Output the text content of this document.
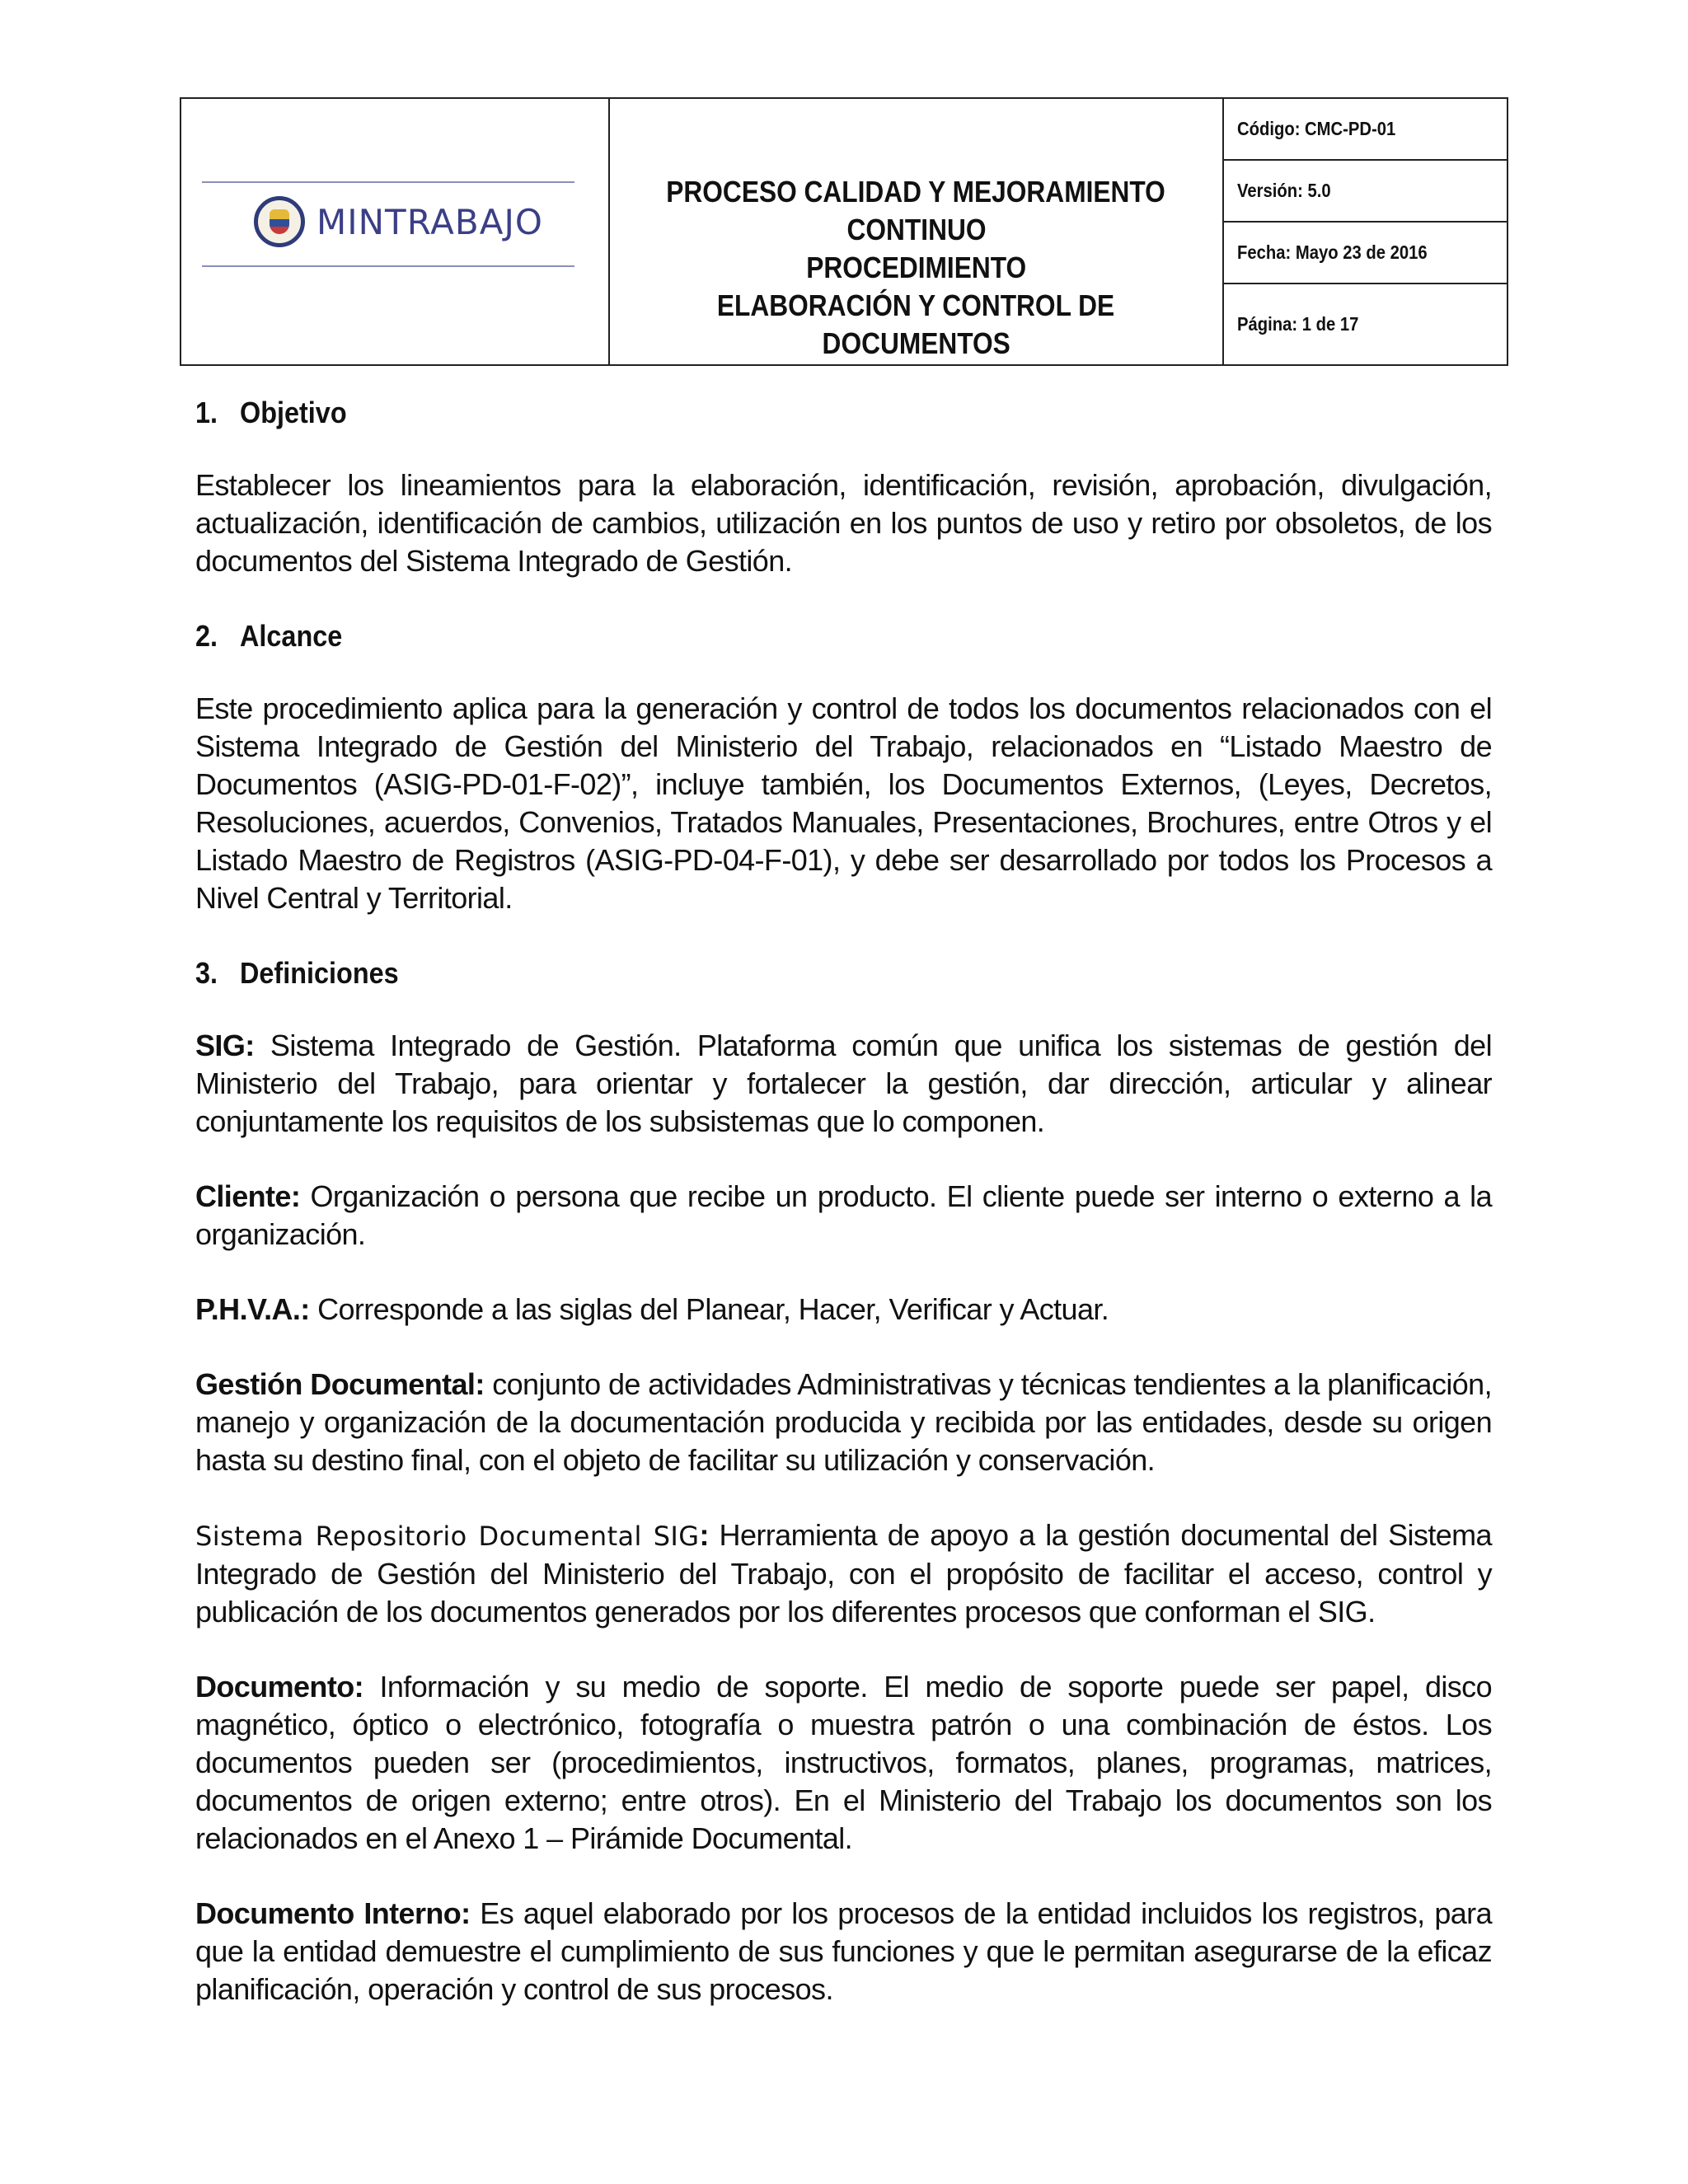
MINTRABAJO
PROCESO CALIDAD Y MEJORAMIENTO
CONTINUO
PROCEDIMIENTO
ELABORACIÓN Y CONTROL DE
DOCUMENTOS
Código: CMC-PD-01
Versión: 5.0
Fecha: Mayo 23 de 2016
Página: 1 de 17
1. Objetivo

Establecer los lineamientos para la elaboración, identificación, revisión, aprobación, divulgación, actualización, identificación de cambios, utilización en los puntos de uso y retiro por obsoletos, de los documentos del Sistema Integrado de Gestión.

2. Alcance

Este procedimiento aplica para la generación y control de todos los documentos relacionados con el Sistema Integrado de Gestión del Ministerio del Trabajo, relacionados en “Listado Maestro de Documentos (ASIG-PD-01-F-02)”, incluye también, los Documentos Externos, (Leyes, Decretos, Resoluciones, acuerdos, Convenios, Tratados Manuales, Presentaciones, Brochures, entre Otros y el Listado Maestro de Registros (ASIG-PD-04-F-01), y debe ser desarrollado por todos los Procesos a Nivel Central y Territorial.

3. Definiciones

SIG: Sistema Integrado de Gestión. Plataforma común que unifica los sistemas de gestión del Ministerio del Trabajo, para orientar y fortalecer la gestión, dar dirección, articular y alinear conjuntamente los requisitos de los subsistemas que lo componen.

Cliente: Organización o persona que recibe un producto. El cliente puede ser interno o externo a la organización.

P.H.V.A.: Corresponde a las siglas del Planear, Hacer, Verificar y Actuar.

Gestión Documental: conjunto de actividades Administrativas y técnicas tendientes a la planificación, manejo y organización de la documentación producida y recibida por las entidades, desde su origen hasta su destino final, con el objeto de facilitar su utilización y conservación.

Sistema Repositorio Documental SIG: Herramienta de apoyo a la gestión documental del Sistema Integrado de Gestión del Ministerio del Trabajo, con el propósito de facilitar el acceso, control y publicación de los documentos generados por los diferentes procesos que conforman el SIG.

Documento: Información y su medio de soporte. El medio de soporte puede ser papel, disco magnético, óptico o electrónico, fotografía o muestra patrón o una combinación de éstos. Los documentos pueden ser (procedimientos, instructivos, formatos, planes, programas, matrices, documentos de origen externo; entre otros). En el Ministerio del Trabajo los documentos son los relacionados en el Anexo 1 – Pirámide Documental.

Documento Interno: Es aquel elaborado por los procesos de la entidad incluidos los registros, para que la entidad demuestre el cumplimiento de sus funciones y que le permitan asegurarse de la eficaz planificación, operación y control de sus procesos.
